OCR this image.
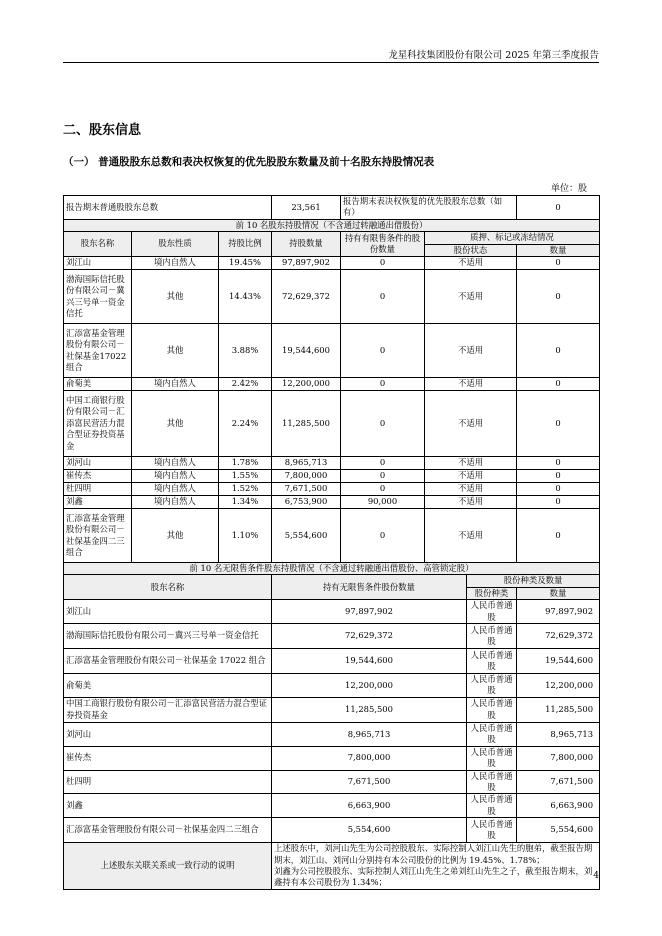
龙星科技集团股份有限公司 2025 年第三季度报告
二、股东信息
（一） 普通股股东总数和表决权恢复的优先股股东数量及前十名股东持股情况表
单位：股
报告期末普通股股东总数			23,561	报告期末表决权恢复的优先股股东总数（如有）			0
前 10 名股东持股情况（不含通过转融通出借股份）							
股东名称	股东性质	持股比例	持股数量	持有有限售条件的股份数量	质押、标记或冻结情况		
					股份状态		数量
刘江山	境内自然人	19.45%	97,897,902	0	不适用		0
渤海国际信托股份有限公司－冀兴三号单一资金信托	其他	14.43%	72,629,372	0	不适用		0
汇添富基金管理股份有限公司－社保基金17022 组合	其他	3.88%	19,544,600	0	不适用		0
俞菊美	境内自然人	2.42%	12,200,000	0	不适用		0
中国工商银行股份有限公司－汇添富民营活力混合型证券投资基金	其他	2.24%	11,285,500	0	不适用		0
刘河山	境内自然人	1.78%	8,965,713	0	不适用		0
崔传杰	境内自然人	1.55%	7,800,000	0	不适用		0
杜四明	境内自然人	1.52%	7,671,500	0	不适用		0
刘鑫	境内自然人	1.34%	6,753,900	90,000	不适用		0
汇添富基金管理股份有限公司－社保基金四二三组合	其他	1.10%	5,554,600	0	不适用		0
前 10 名无限售条件股东持股情况（不含通过转融通出借股份、高管锁定股）							
股东名称			持有无限售条件股份数量			股份种类及数量	
						股份种类	数量
刘江山			97,897,902			人民币普通股	97,897,902
渤海国际信托股份有限公司－冀兴三号单一资金信托			72,629,372			人民币普通股	72,629,372
汇添富基金管理股份有限公司－社保基金 17022 组合			19,544,600			人民币普通股	19,544,600
俞菊美			12,200,000			人民币普通股	12,200,000
中国工商银行股份有限公司－汇添富民营活力混合型证券投资基金			11,285,500			人民币普通股	11,285,500
刘河山			8,965,713			人民币普通股	8,965,713
崔传杰			7,800,000			人民币普通股	7,800,000
杜四明			7,671,500			人民币普通股	7,671,500
刘鑫			6,663,900			人民币普通股	6,663,900
汇添富基金管理股份有限公司－社保基金四二三组合			5,554,600			人民币普通股	5,554,600
上述股东关联关系或一致行动的说明			上述股东中，刘河山先生为公司控股股东、实际控制人刘江山先生的胞弟，截至报告期期末，刘江山、刘河山分别持有本公司股份的比例为 19.45%、1.78%；
刘鑫为公司控股股东、实际控制人刘江山先生之弟刘红山先生之子，截至报告期末，刘鑫持有本公司股份为 1.34%；				
4
